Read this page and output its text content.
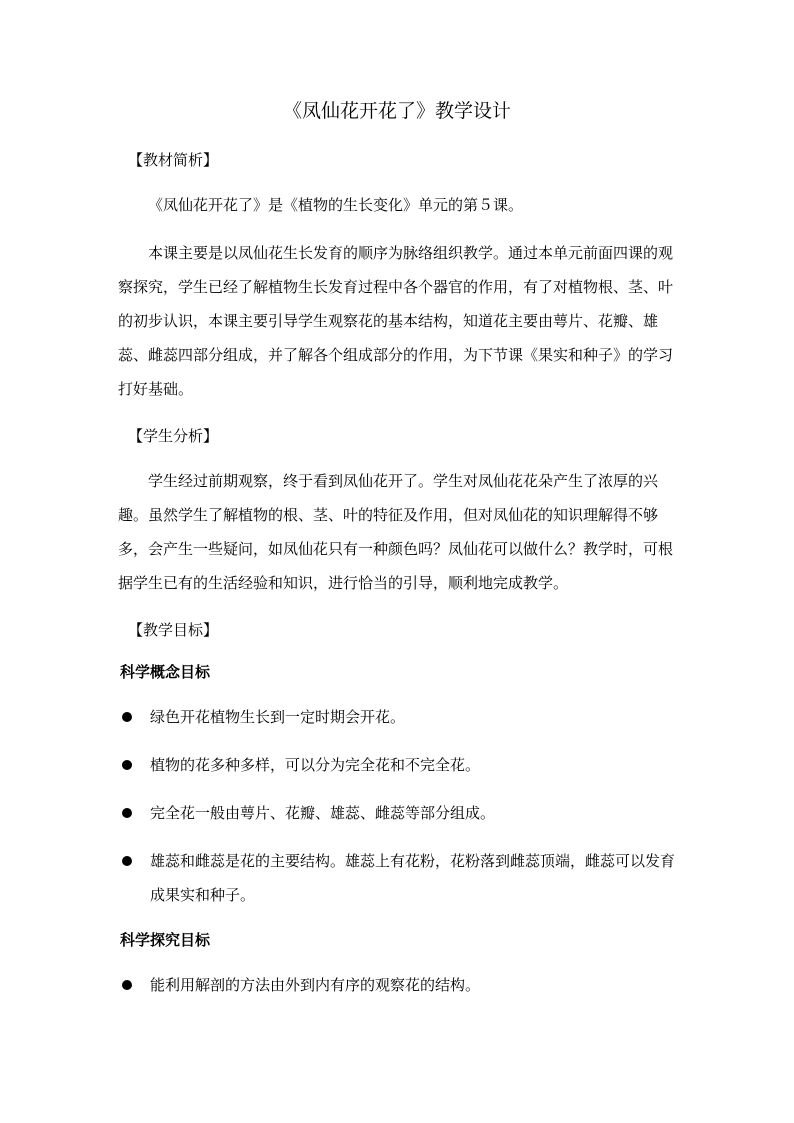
《凤仙花开花了》教学设计

【教材简析】

《凤仙花开花了》是《植物的生长变化》单元的第５课。

本课主要是以凤仙花生长发育的顺序为脉络组织教学。通过本单元前面四课的观察探究，学生已经了解植物生长发育过程中各个器官的作用，有了对植物根、茎、叶的初步认识，本课主要引导学生观察花的基本结构，知道花主要由萼片、花瓣、雄蕊、雌蕊四部分组成，并了解各个组成部分的作用，为下节课《果实和种子》的学习打好基础。

【学生分析】

学生经过前期观察，终于看到凤仙花开了。学生对凤仙花花朵产生了浓厚的兴趣。虽然学生了解植物的根、茎、叶的特征及作用，但对凤仙花的知识理解得不够多，会产生一些疑问，如凤仙花只有一种颜色吗？凤仙花可以做什么？教学时，可根据学生已有的生活经验和知识，进行恰当的引导，顺利地完成教学。

【教学目标】

科学概念目标

绿色开花植物生长到一定时期会开花。
植物的花多种多样，可以分为完全花和不完全花。
完全花一般由萼片、花瓣、雄蕊、雌蕊等部分组成。
雄蕊和雌蕊是花的主要结构。雄蕊上有花粉，花粉落到雌蕊顶端，雌蕊可以发育成果实和种子。

科学探究目标

能利用解剖的方法由外到内有序的观察花的结构。
